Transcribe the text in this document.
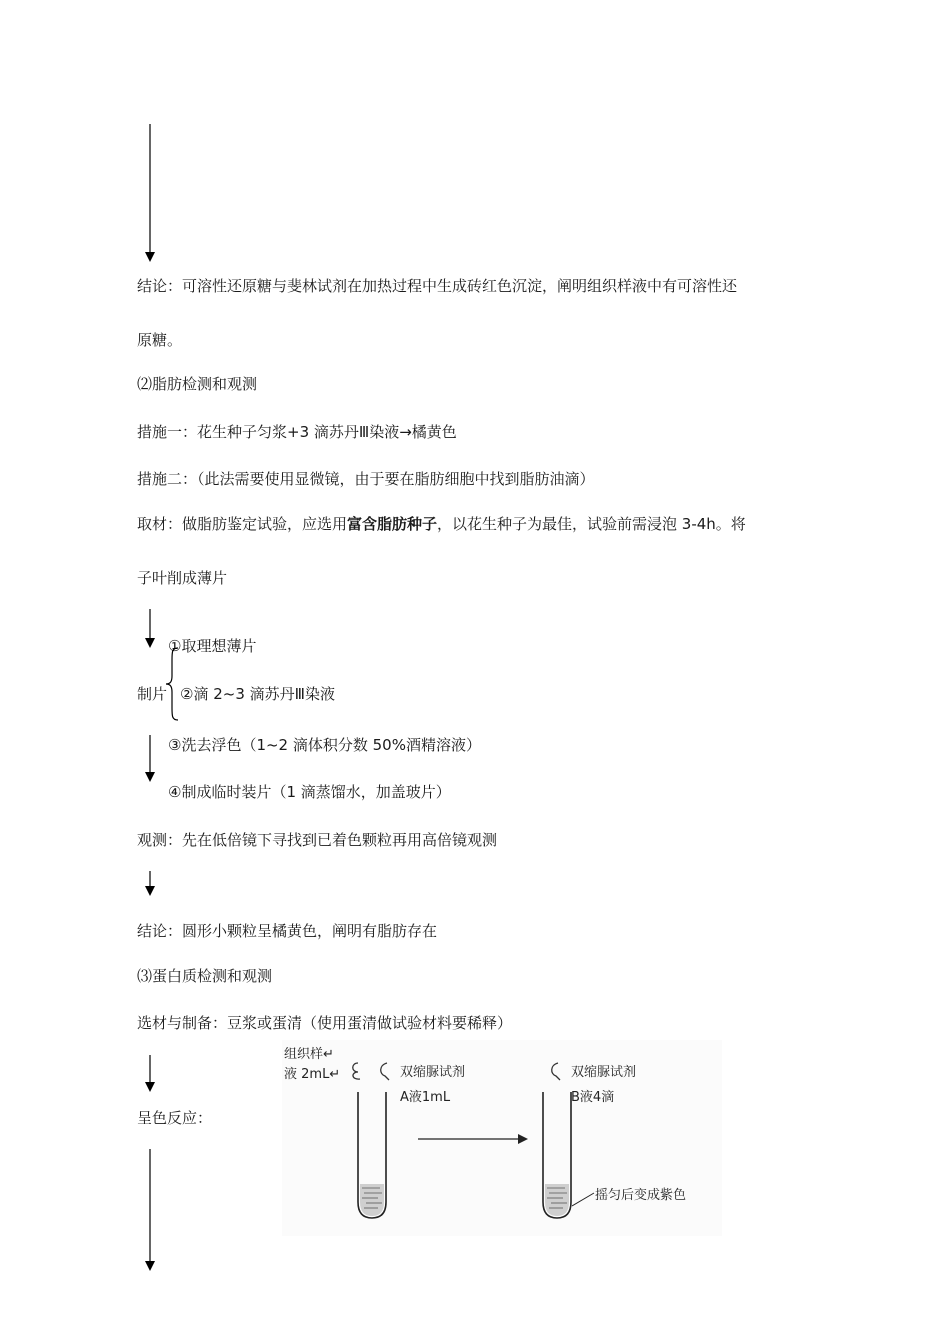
结论：可溶性还原糖与斐林试剂在加热过程中生成砖红色沉淀，阐明组织样液中有可溶性还
原糖。
⑵脂肪检测和观测
措施一：花生种子匀浆+3 滴苏丹Ⅲ染液→橘黄色
措施二：（此法需要使用显微镜，由于要在脂肪细胞中找到脂肪油滴）
取材：做脂肪鉴定试验，应选用富含脂肪种子，以花生种子为最佳，试验前需浸泡 3-4h。将
子叶削成薄片
①取理想薄片
制片 ②滴 2~3 滴苏丹Ⅲ染液
③洗去浮色（1~2 滴体积分数 50%酒精溶液）
④制成临时装片（1 滴蒸馏水，加盖玻片）
观测：先在低倍镜下寻找到已着色颗粒再用高倍镜观测
结论：圆形小颗粒呈橘黄色，阐明有脂肪存在
⑶蛋白质检测和观测
选材与制备：豆浆或蛋清（使用蛋清做试验材料要稀释）
呈色反应：
组织样↵
液 2mL↵	双缩脲试剂
A液1mL
双缩脲试剂
B液4滴
摇匀后变成紫色
